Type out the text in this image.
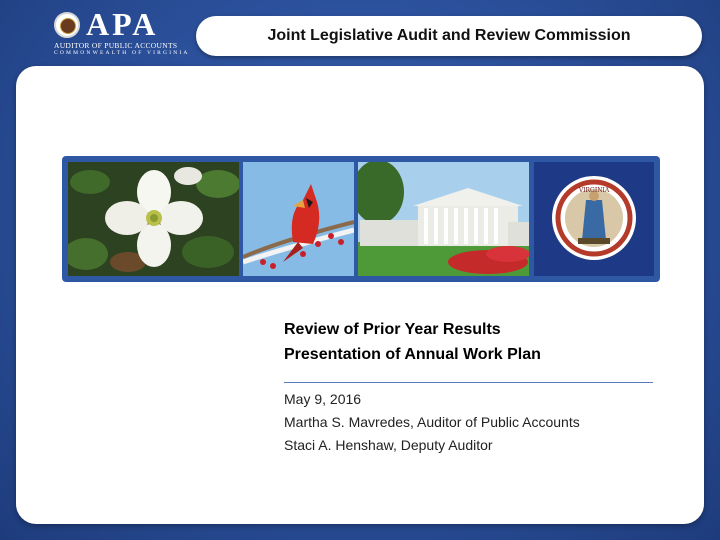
APA
AUDITOR OF PUBLIC ACCOUNTS
COMMONWEALTH OF VIRGINIA
Joint Legislative Audit and Review Commission
VIRGINIA
Review of Prior Year Results
Presentation of Annual Work Plan
May 9, 2016
Martha S. Mavredes, Auditor of Public Accounts
Staci A. Henshaw, Deputy Auditor
